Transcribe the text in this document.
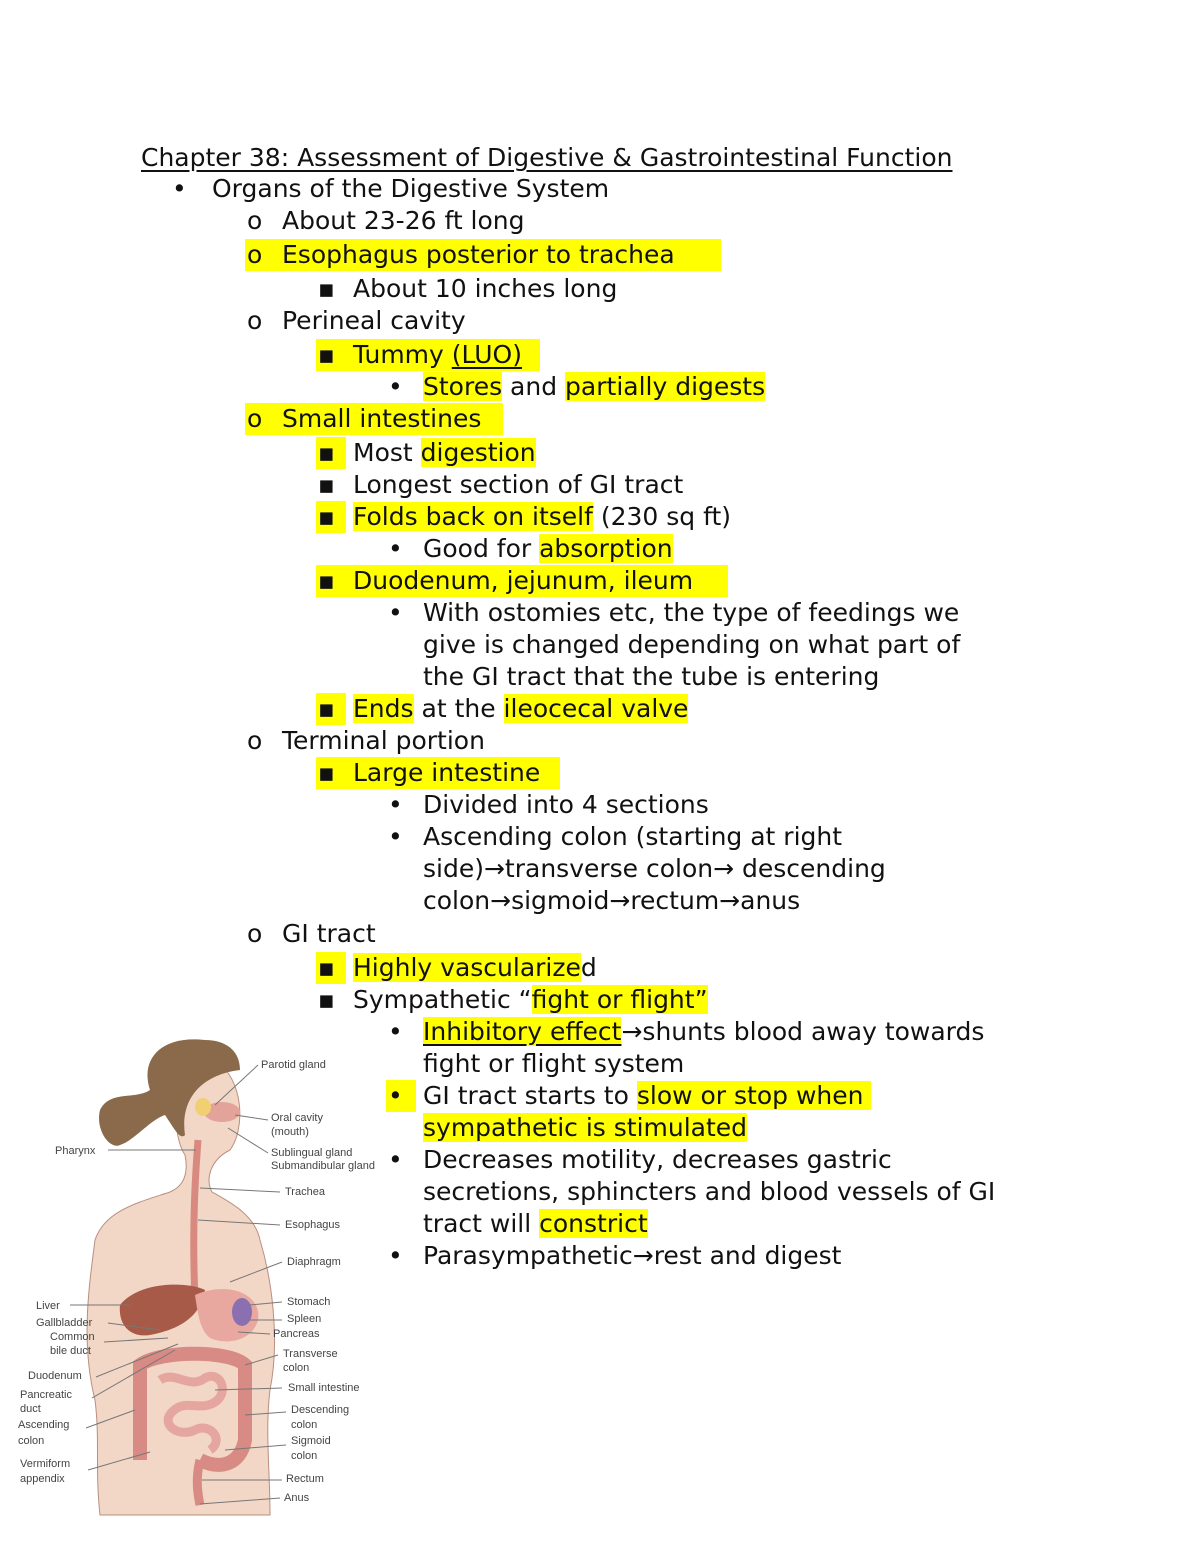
Chapter 38: Assessment of Digestive & Gastrointestinal Function
• Organs of the Digestive System
o About 23-26 ft long
o Esophagus posterior to trachea
▪ About 10 inches long
o Perineal cavity
▪ Tummy (LUO)
• Stores and partially digests
o Small intestines
▪ Most digestion
▪ Longest section of GI tract
▪ Folds back on itself (230 sq ft)
• Good for absorption
▪ Duodenum, jejunum, ileum
• With ostomies etc, the type of feedings we
give is changed depending on what part of
the GI tract that the tube is entering
▪ Ends at the ileocecal valve
o Terminal portion
▪ Large intestine
• Divided into 4 sections
• Ascending colon (starting at right
side)→transverse colon→ descending
colon→sigmoid→rectum→anus
o GI tract
▪ Highly vascularized
▪ Sympathetic “fight or flight”
• Inhibitory effect→shunts blood away towards
fight or flight system
• GI tract starts to slow or stop when
sympathetic is stimulated
• Decreases motility, decreases gastric
secretions, sphincters and blood vessels of GI
tract will constrict
• Parasympathetic→rest and digest
Parotid gland
Oral cavity
(mouth)
Sublingual gland
Submandibular gland
Trachea
Esophagus
Diaphragm
Stomach
Spleen
Pancreas
Transverse
colon
Small intestine
Descending
colon
Sigmoid
colon
Rectum
Anus
Pharynx
Liver
Gallbladder
Common
bile duct
Duodenum
Pancreatic
duct
Ascending
colon
Vermiform
appendix
